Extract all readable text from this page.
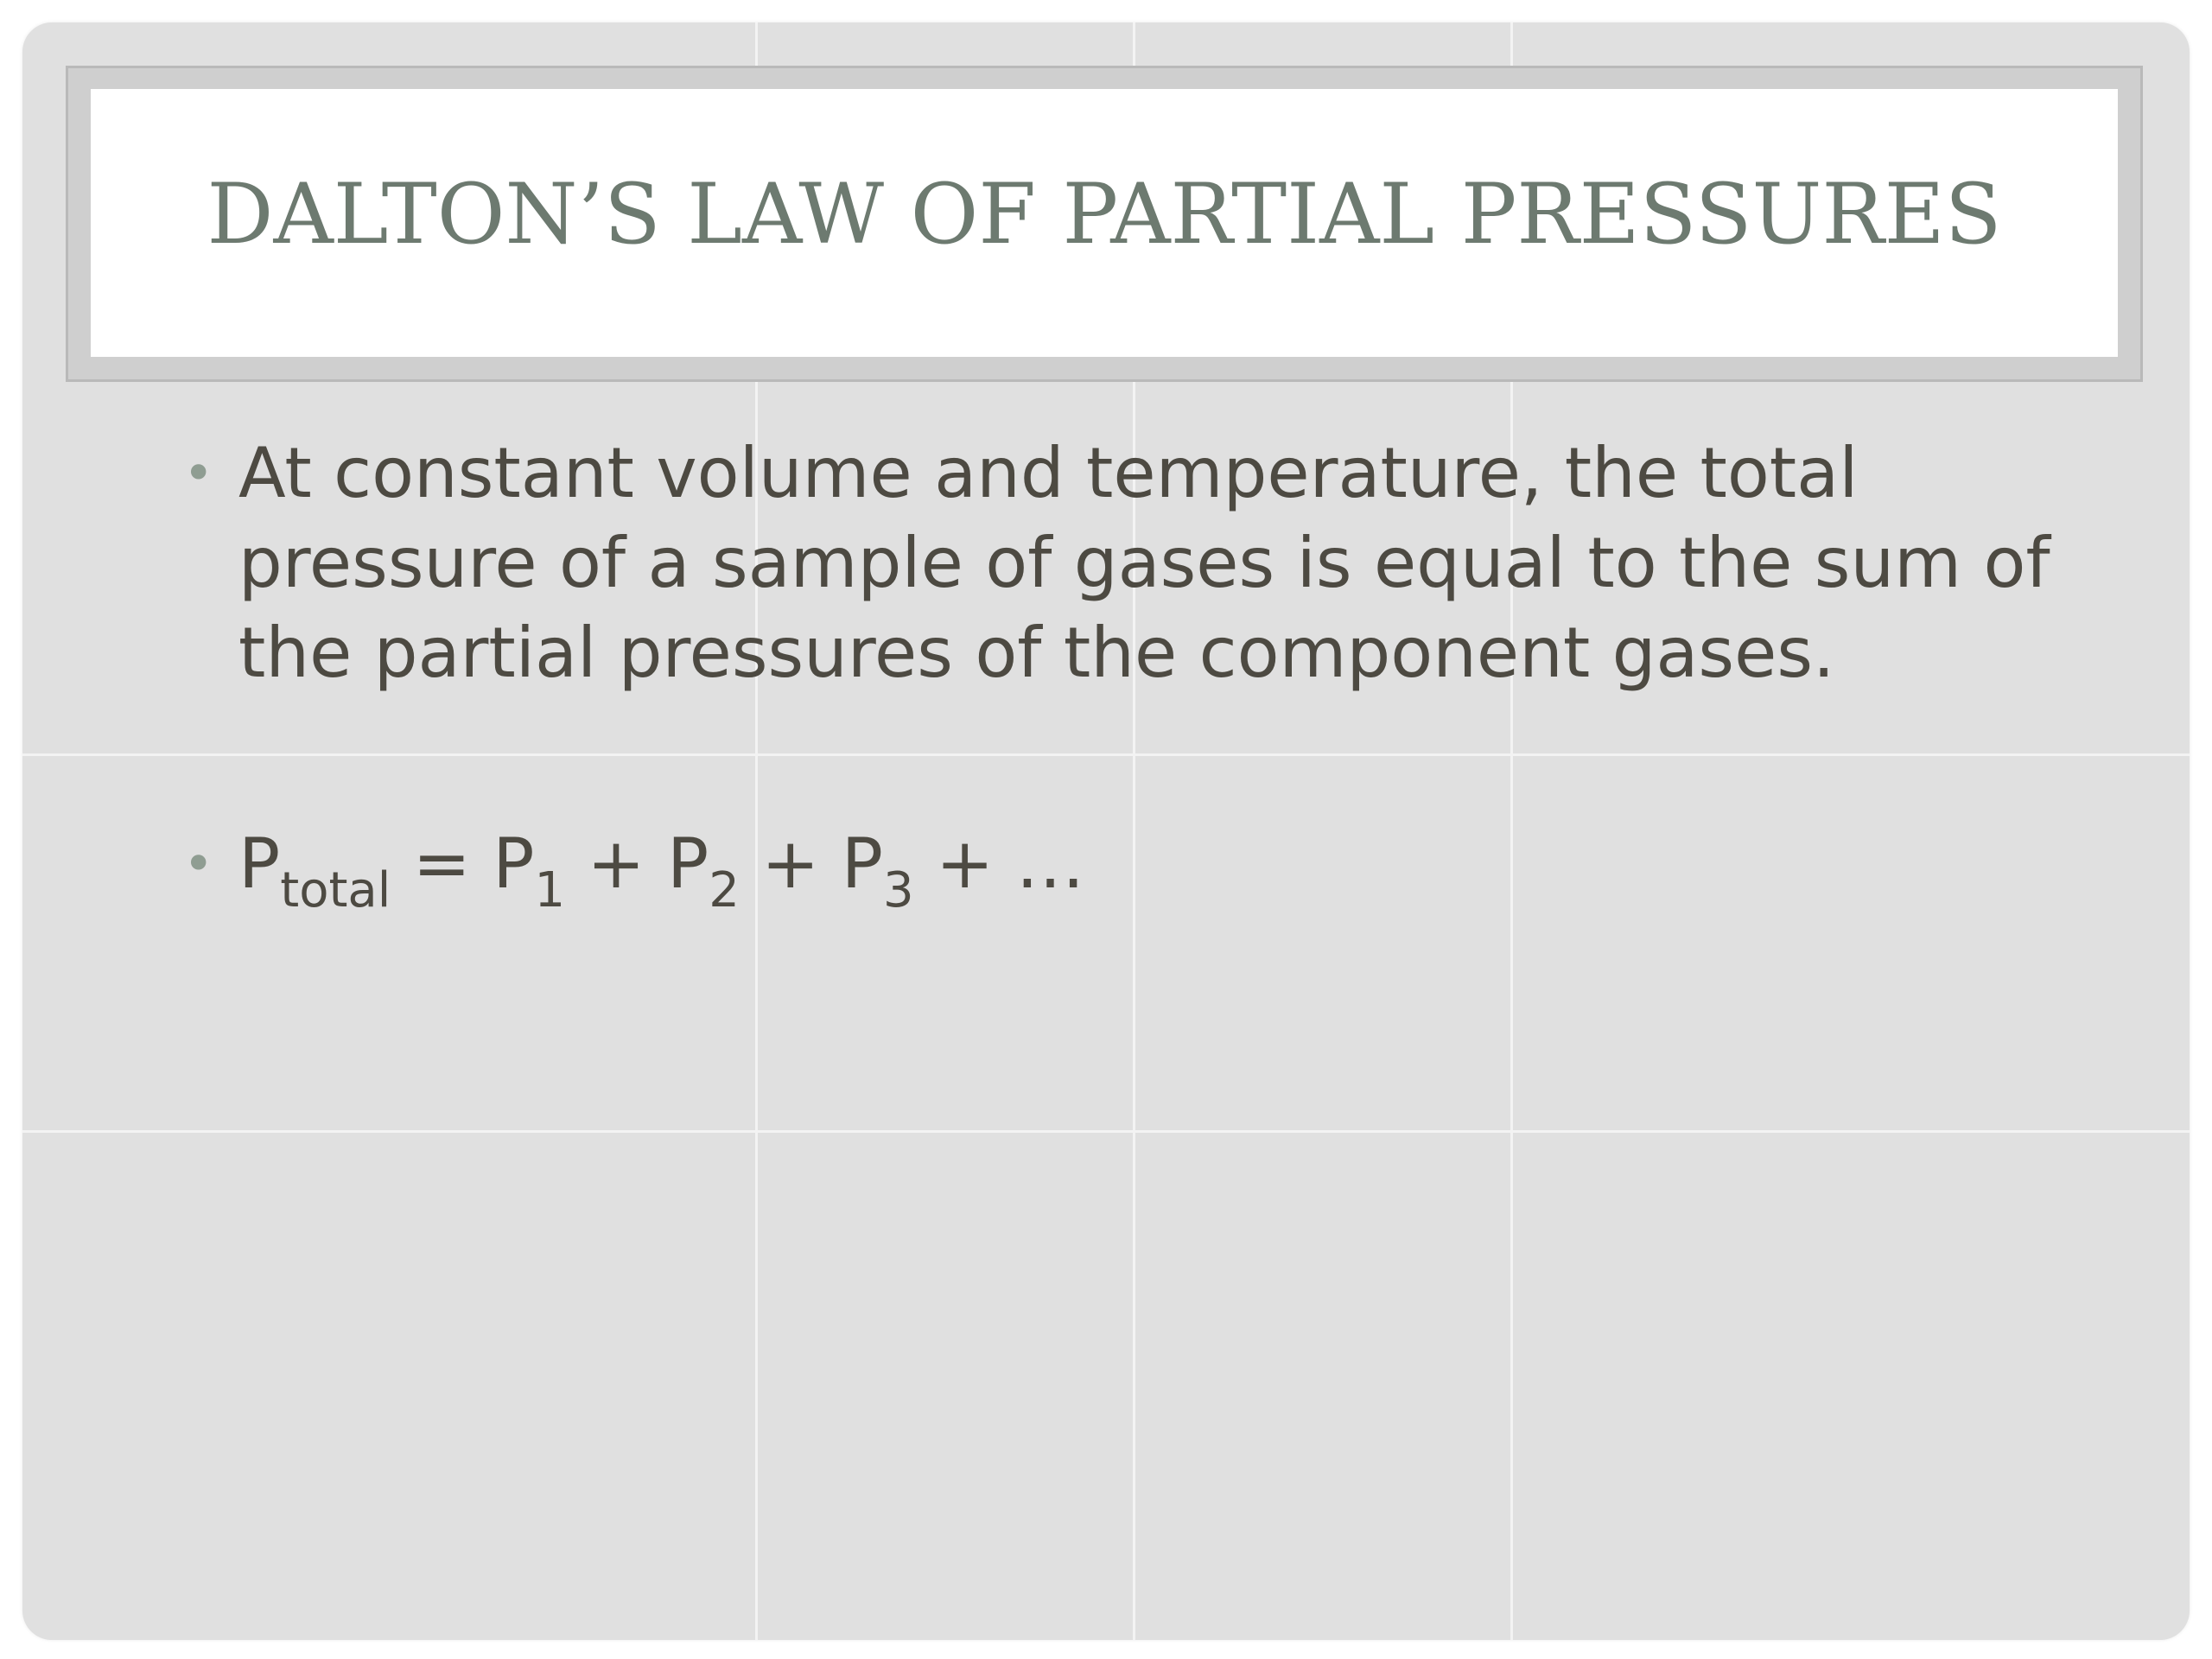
DALTON’S LAW OF PARTIAL PRESSURES
• At constant volume and temperature, the total pressure of a sample of gases is equal to the sum of the partial pressures of the component gases.
• $P_{total} = P_1 + P_2 + P_3$ + …
